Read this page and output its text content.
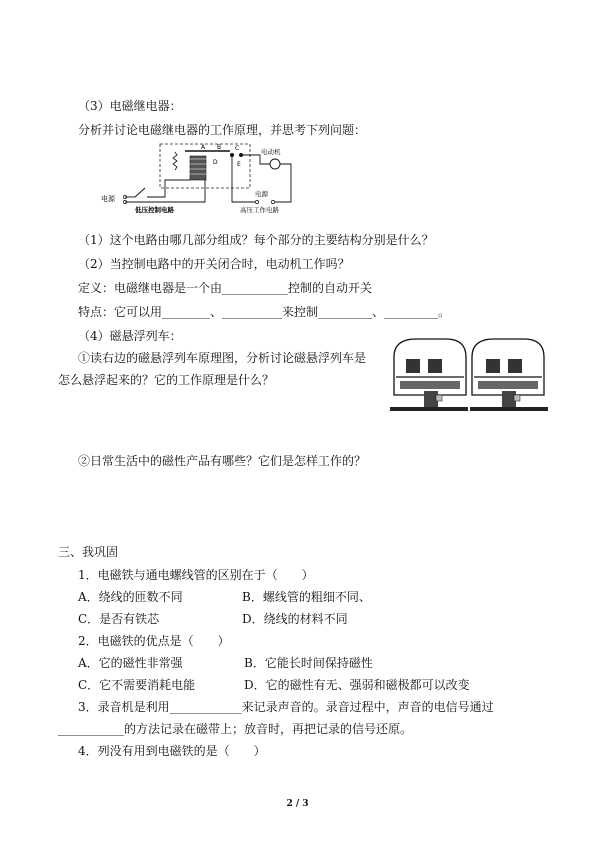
（3）电磁继电器：
分析并讨论电磁继电器的工作原理，并思考下列问题：
A B C
D	E
电源
低压控制电路
电动机
电源
高压工作电路
（1）这个电路由哪几部分组成？每个部分的主要结构分别是什么？
（2）当控制电路中的开关闭合时，电动机工作吗？
定义：电磁继电器是一个由___________控制的自动开关
特点：它可以用________、__________来控制_________、_________。
（4）磁悬浮列车：
①读右边的磁悬浮列车原理图，分析讨论磁悬浮列车是
怎么悬浮起来的？它的工作原理是什么？
②日常生活中的磁性产品有哪些？它们是怎样工作的？
三、我巩固
1．电磁铁与通电螺线管的区别在于（　　）
A．绕线的匝数不同	B．螺线管的粗细不同、
C．是否有铁芯	D．绕线的材料不同
2．电磁铁的优点是（　　）
A．它的磁性非常强	B．它能长时间保持磁性
C．它不需要消耗电能	D．它的磁性有无、强弱和磁极都可以改变
3．录音机是利用____________来记录声音的。录音过程中，声音的电信号通过
___________的方法记录在磁带上；放音时，再把记录的信号还原。
4．列没有用到电磁铁的是（　　）
2 / 3
